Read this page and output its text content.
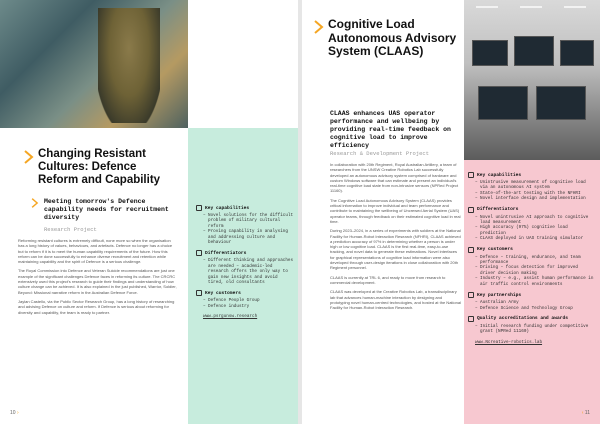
Changing Resistant Cultures: Defence Reform and Capability
Meeting tomorrow's Defence capability needs for recruitment diversity
Research Project

Reforming resistant cultures is extremely difficult, none more so when the organisation has a long history of values, behaviours, and artefacts. Defence no longer has a choice but to reform if it is to meet the human capability requirements of the future. How this reform can be done successfully to enhance diverse recruitment and retention while maintaining capability and the spirit of Defence is a serious challenge.

The Royal Commission into Defence and Veteran Suicide recommendations are just one example of the significant challenges Defence faces in reforming its culture. The CRCRC extensively used this project's research to guide their findings and understanding of how culture change can be achieved. It is also explained in the just published, Warrior, Soldier, Beyond: Missional narrative reform in the Australian Defence Force.

Jaylan Castello, via the Public Sector Research Group, has a long history of researching and advising Defence on culture and reform. If Defence is serious about reforming for diversity and capability, the team is ready to partner.

Key capabilities
– Novel solutions for the difficult problem of military cultural reform
– Proving capability in analysing and addressing culture and behaviour
Differentiators
– Different thinking and approaches are needed – academic-led research offers the only way to gain new insights and avoid tired, old consultants
Key customers
– Defence People Group
– Defence industry
www.psrgunsw.research
10 ›
Cognitive Load Autonomous Advisory System (CLAAS)
CLAAS enhances UAS operator performance and wellbeing by providing real-time feedback on cognitive load to improve efficiency
Research & Development Project

In collaboration with 20th Regiment, Royal Australian Artillery, a team of researchers from the UNSW Creative Robotics Lab successfully developed an autonomous advisory system comprised of hardware and custom Windows software that can estimate and present an individual's real-time cognitive load state from non-intrusive sensors (NPRed Project 11160).

The Cognitive Load Autonomous Advisory System (CLAAS) provides critical information to improve individual and team performance and contribute to maintaining the wellbeing of Uncrewed Aerial System (UAS) operator teams, through feedback on their estimated cognitive load in real time.

During 2023–2024, in a series of experiments with soldiers at the National Facility for Human-Robot Interaction Research (NFHRI), CLAAS achieved a prediction accuracy of 97% in determining whether a person is under high or low cognitive load. CLAAS is the first real-time, easy-to-use tracking, and novel data to generate these estimations. Novel interfaces for graphical representations of cognitive load information were also developed through user-design iterations in close collaboration with 20th Regiment personnel.

CLAAS is currently at TRL 6, and ready to move from research to commercial development.

CLAAS was developed at the Creative Robotics Lab, a transdisciplinary lab that advances human-machine interaction by designing and prototyping novel human-centred technologies, and hosted at the National Facility for Human-Robot Interaction Research.

Key capabilities
– Unintrusive measurement of cognitive load via an autonomous AI system
– State-of-the-art testing with the NFHRI
– Novel interface design and implementation
Differentiators
– Novel unintrusive AI approach to cognitive load measurement
– High accuracy (97%) cognitive load prediction
– CLAAS deployed in UAS training simulator
Key customers
– Defence – training, endurance, and team performance
– Driving – focus detection for improved driver decision making
– Industry – e.g., assist human performance in air traffic control environments
Key partnerships
– Australian Army
– Defence Science and Technology Group
Quality accreditations and awards
– Initial research funding under competitive grant (NPRed 11160)
www.Ncreative-robotics.lab
‹ 11
